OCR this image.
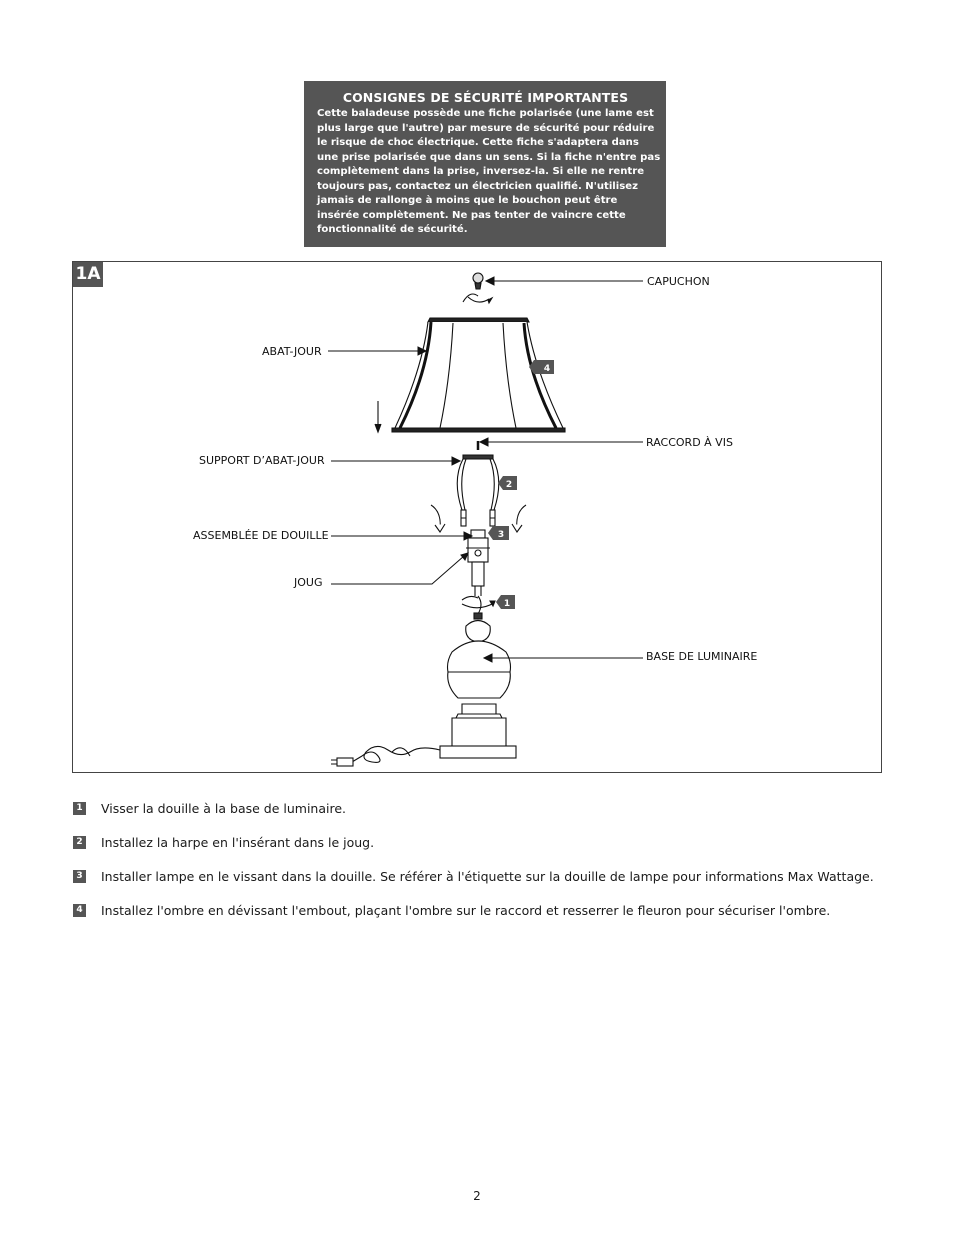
CONSIGNES DE SÉCURITÉ IMPORTANTES
Cette baladeuse possède une fiche polarisée (une lame est
plus large que l'autre) par mesure de sécurité pour réduire
le risque de choc électrique. Cette fiche s'adaptera dans
une prise polarisée que dans un sens. Si la fiche n'entre pas
complètement dans la prise, inversez-la. Si elle ne rentre
toujours pas, contactez un électricien qualifié. N'utilisez
jamais de rallonge à moins que le bouchon peut être
insérée complètement. Ne pas tenter de vaincre cette
fonctionnalité de sécurité.
1A
4
2
3
1
CAPUCHON
ABAT-JOUR
RACCORD À VIS
SUPPORT D’ABAT-JOUR
ASSEMBLÉE DE DOUILLE
JOUG
BASE DE LUMINAIRE
1 Visser la douille à la base de luminaire.
2 Installez la harpe en l'insérant dans le joug.
3 Installer lampe en le vissant dans la douille. Se référer à l'étiquette sur la douille de lampe pour informations Max Wattage.
4 Installez l'ombre en dévissant l'embout, plaçant l'ombre sur le raccord et resserrer le fleuron pour sécuriser l'ombre.
2
